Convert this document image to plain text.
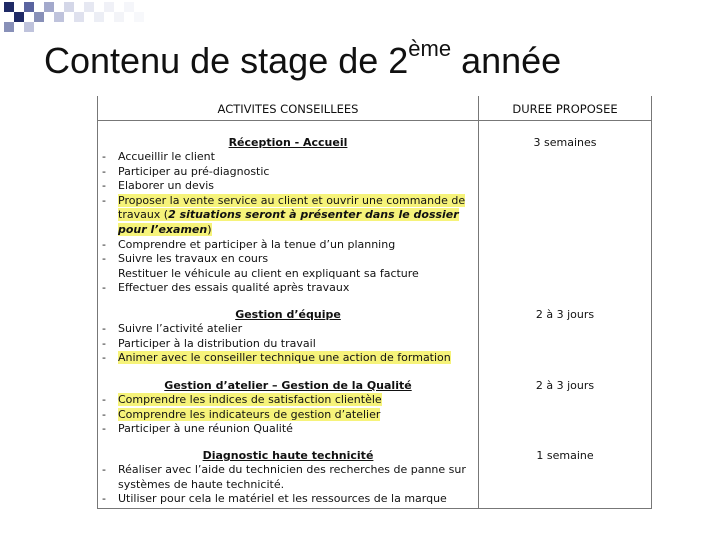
Contenu de stage de 2ème année
ACTIVITES CONSEILLEES	DUREE PROPOSEE
Réception - Accueil
- Accueillir le client
- Participer au pré-diagnostic
- Elaborer un devis
- Proposer la vente service au client et ouvrir une commande de travaux (2 situations seront à présenter dans le dossier pour l’examen)
- Comprendre et participer à la tenue d’un planning
- Suivre les travaux en cours
Restituer le véhicule au client en expliquant sa facture
- Effectuer des essais qualité après travaux
Gestion d’équipe
- Suivre l’activité atelier
- Participer à la distribution du travail
- Animer avec le conseiller technique une action de formation
Gestion d’atelier – Gestion de la Qualité
- Comprendre les indices de satisfaction clientèle
- Comprendre les indicateurs de gestion d’atelier
- Participer à une réunion Qualité
Diagnostic haute technicité
- Réaliser avec l’aide du technicien des recherches de panne sur systèmes de haute technicité.
- Utiliser pour cela le matériel et les ressources de la marque
3 semaines
2 à 3 jours
2 à 3 jours
1 semaine
